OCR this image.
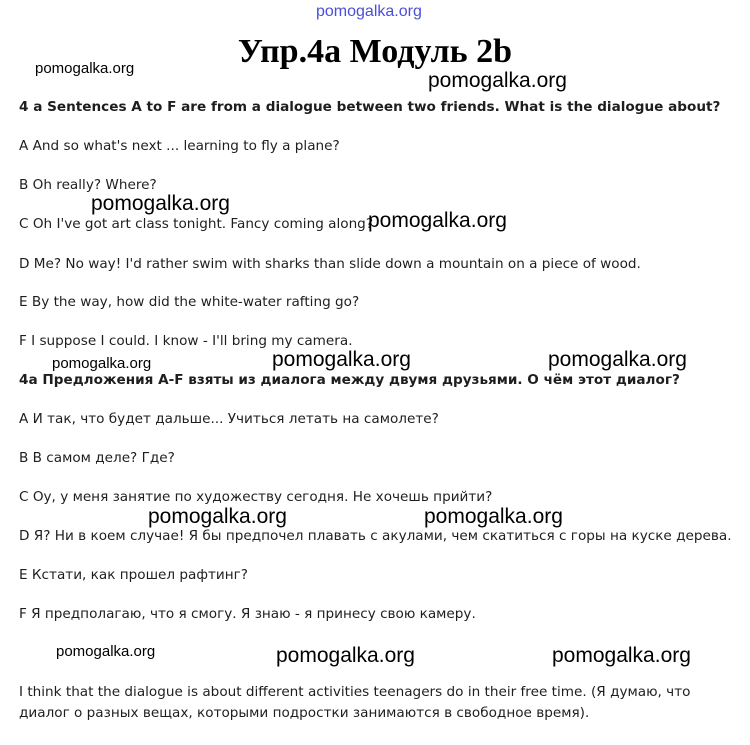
pomogalka.org
Упр.4а Модуль 2b
4 a Sentences A to F are from a dialogue between two friends. What is the dialogue about?
A And so what's next ... learning to fly a plane?
B Oh really? Where?
C Oh I've got art class tonight. Fancy coming along?
D Me? No way! I'd rather swim with sharks than slide down a mountain on a piece of wood.
E By the way, how did the white-water rafting go?
F I suppose I could. I know - I'll bring my camera.
4a Предложения A-F взяты из диалога между двумя друзьями. О чём этот диалог?
A И так, что будет дальше... Учиться летать на самолете?
B В самом деле? Где?
C Оу, у меня занятие по художеству сегодня. Не хочешь прийти?
D Я? Ни в коем случае! Я бы предпочел плавать с акулами, чем скатиться с горы на куске дерева.
E Кстати, как прошел рафтинг?
F Я предполагаю, что я смогу. Я знаю - я принесу свою камеру.
I think that the dialogue is about different activities teenagers do in their free time. (Я думаю, что диалог о разных вещах, которыми подростки занимаются в свободное время).
pomogalka.org
pomogalka.org
pomogalka.org
pomogalka.org
pomogalka.org	pomogalka.org	pomogalka.org
pomogalka.org	pomogalka.org
pomogalka.org	pomogalka.org	pomogalka.org
